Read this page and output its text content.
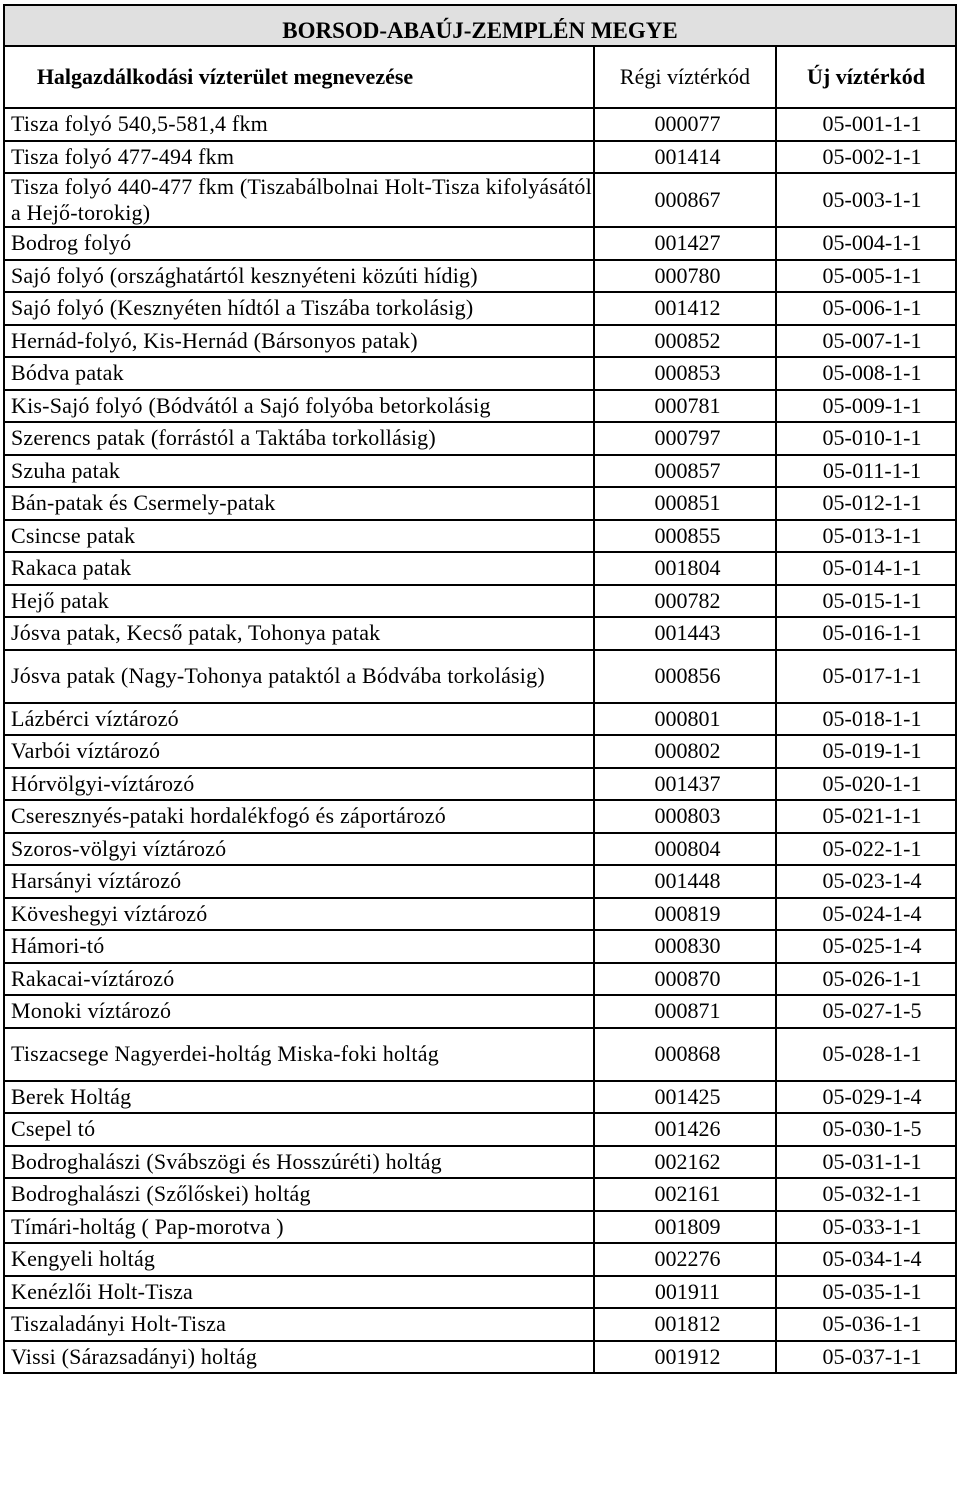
BORSOD-ABAÚJ-ZEMPLÉN MEGYE		

Halgazdálkodási vízterület megnevezése	Régi víztérkód	Új víztérkód
Tisza folyó 540,5-581,4 fkm	000077	05-001-1-1
Tisza folyó 477-494 fkm	001414	05-002-1-1
Tisza folyó 440-477 fkm (Tiszabálbolnai Holt-Tisza kifolyásától a Hejő-torokig)	000867	05-003-1-1
Bodrog folyó	001427	05-004-1-1
Sajó folyó (országhatártól kesznyéteni közúti hídig)	000780	05-005-1-1
Sajó folyó (Kesznyéten hídtól a Tiszába torkolásig)	001412	05-006-1-1
Hernád-folyó, Kis-Hernád (Bársonyos patak)	000852	05-007-1-1
Bódva patak	000853	05-008-1-1
Kis-Sajó folyó (Bódvától a Sajó folyóba betorkolásig	000781	05-009-1-1
Szerencs patak (forrástól a Taktába torkollásig)	000797	05-010-1-1
Szuha patak	000857	05-011-1-1
Bán-patak és Csermely-patak	000851	05-012-1-1
Csincse patak	000855	05-013-1-1
Rakaca patak	001804	05-014-1-1
Hejő patak	000782	05-015-1-1
Jósva patak, Kecső patak, Tohonya patak	001443	05-016-1-1
Jósva patak (Nagy-Tohonya pataktól a Bódvába torkolásig)	000856	05-017-1-1
Lázbérci víztározó	000801	05-018-1-1
Varbói víztározó	000802	05-019-1-1
Hórvölgyi-víztározó	001437	05-020-1-1
Cseresznyés-pataki hordalékfogó és záportározó	000803	05-021-1-1
Szoros-völgyi víztározó	000804	05-022-1-1
Harsányi víztározó	001448	05-023-1-4
Köveshegyi víztározó	000819	05-024-1-4
Hámori-tó	000830	05-025-1-4
Rakacai-víztározó	000870	05-026-1-1
Monoki víztározó	000871	05-027-1-5
Tiszacsege Nagyerdei-holtág Miska-foki holtág	000868	05-028-1-1
Berek Holtág	001425	05-029-1-4
Csepel tó	001426	05-030-1-5
Bodroghalászi (Svábszögi és Hosszúréti) holtág	002162	05-031-1-1
Bodroghalászi (Szőlőskei) holtág	002161	05-032-1-1
Tímári-holtág ( Pap-morotva )	001809	05-033-1-1
Kengyeli holtág	002276	05-034-1-4
Kenézlői Holt-Tisza	001911	05-035-1-1
Tiszaladányi Holt-Tisza	001812	05-036-1-1
Vissi (Sárazsadányi) holtág	001912	05-037-1-1
